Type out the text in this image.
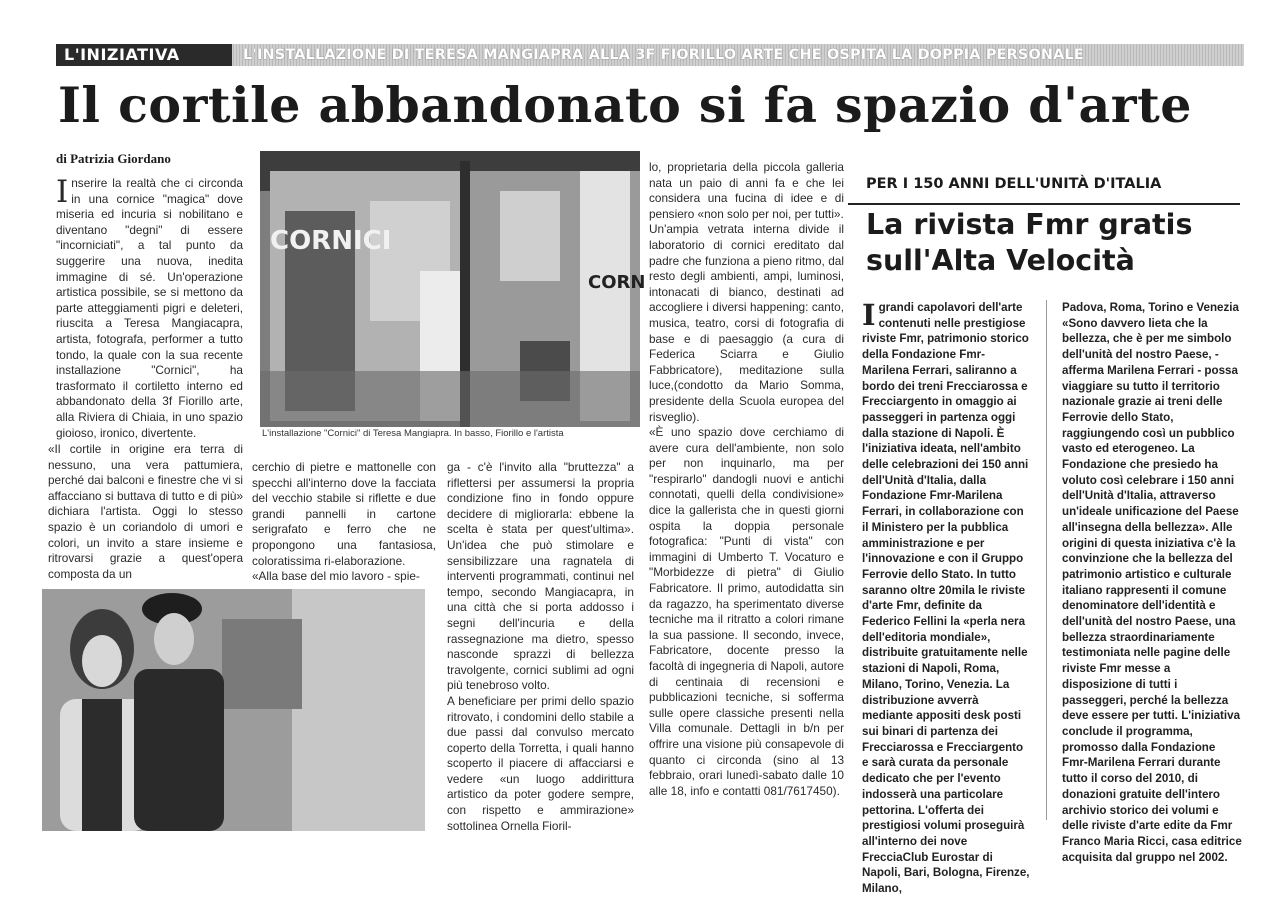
L'INIZIATIVA	L'INSTALLAZIONE DI TERESA MANGIAPRA ALLA 3F FIORILLO ARTE CHE OSPITA LA DOPPIA PERSONALE
Il cortile abbandonato si fa spazio d'arte
di Patrizia Giordano

Inserire la realtà che ci circonda in una cornice "magica" dove miseria ed incuria si nobilitano e diventano "degni" di essere "incorniciati", a tal punto da suggerire una nuova, inedita immagine di sé. Un'operazione artistica possibile, se si mettono da parte atteggiamenti pigri e deleteri, riuscita a Teresa Mangiacapra, artista, fotografa, performer a tutto tondo, la quale con la sua recente installazione "Cornici", ha trasformato il cortiletto interno ed abbandonato della 3f Fiorillo arte, alla Riviera di Chiaia, in uno spazio gioioso, ironico, divertente.

«Il cortile in origine era terra di nessuno, una vera pattumiera, perché dai balconi e finestre che vi si affacciano si buttava di tutto e di più» dichiara l'artista. Oggi lo stesso spazio è un coriandolo di umori e colori, un invito a stare insieme e ritrovarsi grazie a quest'opera composta da un

CORNICI
CORN
L'installazione "Cornici" di Teresa Mangiapra. In basso, Fiorillo e l'artista

cerchio di pietre e mattonelle con specchi all'interno dove la facciata del vecchio stabile si riflette e due grandi pannelli in cartone serigrafato e ferro che ne propongono una fantasiosa, coloratissima ri-elaborazione.

«Alla base del mio lavoro - spie-

ga - c'è l'invito alla "bruttezza" a riflettersi per assumersi la propria condizione fino in fondo oppure decidere di migliorarla: ebbene la scelta è stata per quest'ultima». Un'idea che può stimolare e sensibilizzare una ragnatela di interventi programmati, continui nel tempo, secondo Mangiacapra, in una città che si porta addosso i segni dell'incuria e della rassegnazione ma dietro, spesso nasconde sprazzi di bellezza travolgente, cornici sublimi ad ogni più tenebroso volto.

A beneficiare per primi dello spazio ritrovato, i condomini dello stabile a due passi dal convulso mercato coperto della Torretta, i quali hanno scoperto il piacere di affacciarsi e vedere «un luogo addirittura artistico da poter godere sempre, con rispetto e ammirazione» sottolinea Ornella Fioril-

lo, proprietaria della piccola galleria nata un paio di anni fa e che lei considera una fucina di idee e di pensiero «non solo per noi, per tutti».

Un'ampia vetrata interna divide il laboratorio di cornici ereditato dal padre che funziona a pieno ritmo, dal resto degli ambienti, ampi, luminosi, intonacati di bianco, destinati ad accogliere i diversi happening: canto, musica, teatro, corsi di fotografia di base e di paesaggio (a cura di Federica Sciarra e Giulio Fabbricatore), meditazione sulla luce,(condotto da Mario Somma, presidente della Scuola europea del risveglio).

«È uno spazio dove cerchiamo di avere cura dell'ambiente, non solo per non inquinarlo, ma per "respirarlo" dandogli nuovi e antichi connotati, quelli della condivisione» dice la gallerista che in questi giorni ospita la doppia personale fotografica: "Punti di vista" con immagini di Umberto T. Vocaturo e "Morbidezze di pietra" di Giulio Fabricatore. Il primo, autodidatta sin da ragazzo, ha sperimentato diverse tecniche ma il ritratto a colori rimane la sua passione. Il secondo, invece, Fabricatore, docente presso la facoltà di ingegneria di Napoli, autore di centinaia di recensioni e pubblicazioni tecniche, si sofferma sulle opere classiche presenti nella Villa comunale. Dettagli in b/n per offrire una visione più consapevole di quanto ci circonda (sino al 13 febbraio, orari lunedì-sabato dalle 10 alle 18, info e contatti 081/7617450).

PER I 150 ANNI DELL'UNITÀ D'ITALIA
La rivista Fmr gratis sull'Alta Velocità

Igrandi capolavori dell'arte contenuti nelle prestigiose riviste Fmr, patrimonio storico della Fondazione Fmr-Marilena Ferrari, saliranno a bordo dei treni Frecciarossa e Frecciargento in omaggio ai passeggeri in partenza oggi dalla stazione di Napoli. È l'iniziativa ideata, nell'ambito delle celebrazioni dei 150 anni dell'Unità d'Italia, dalla Fondazione Fmr-Marilena Ferrari, in collaborazione con il Ministero per la pubblica amministrazione e per l'innovazione e con il Gruppo Ferrovie dello Stato. In tutto saranno oltre 20mila le riviste d'arte Fmr, definite da Federico Fellini la «perla nera dell'editoria mondiale», distribuite gratuitamente nelle stazioni di Napoli, Roma, Milano, Torino, Venezia. La distribuzione avverrà mediante appositi desk posti sui binari di partenza dei Frecciarossa e Frecciargento e sarà curata da personale dedicato che per l'evento indosserà una particolare pettorina. L'offerta dei prestigiosi volumi proseguirà all'interno dei nove FrecciaClub Eurostar di Napoli, Bari, Bologna, Firenze, Milano,

Padova, Roma, Torino e Venezia «Sono davvero lieta che la bellezza, che è per me simbolo dell'unità del nostro Paese, - afferma Marilena Ferrari - possa viaggiare su tutto il territorio nazionale grazie ai treni delle Ferrovie dello Stato, raggiungendo così un pubblico vasto ed eterogeneo. La Fondazione che presiedo ha voluto così celebrare i 150 anni dell'Unità d'Italia, attraverso un'ideale unificazione del Paese all'insegna della bellezza». Alle origini di questa iniziativa c'è la convinzione che la bellezza del patrimonio artistico e culturale italiano rappresenti il comune denominatore dell'identità e dell'unità del nostro Paese, una bellezza straordinariamente testimoniata nelle pagine delle riviste Fmr messe a disposizione di tutti i passeggeri, perché la bellezza deve essere per tutti. L'iniziativa conclude il programma, promosso dalla Fondazione Fmr-Marilena Ferrari durante tutto il corso del 2010, di donazioni gratuite dell'intero archivio storico dei volumi e delle riviste d'arte edite da Fmr Franco Maria Ricci, casa editrice acquisita dal gruppo nel 2002.
